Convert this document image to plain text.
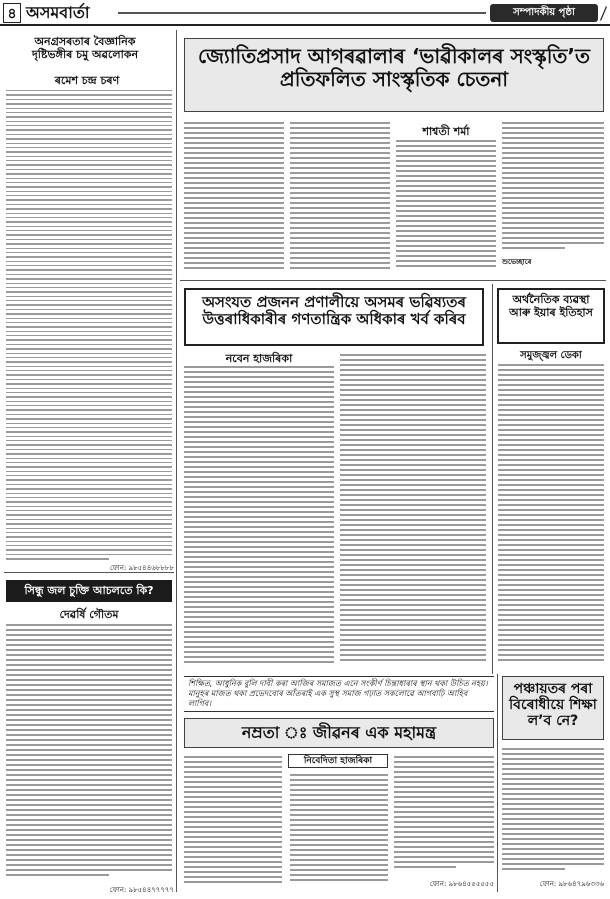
৪ অসমবাৰ্তা	সম্পাদকীয় পৃষ্ঠা
অনগ্ৰসৰতাৰ বৈজ্ঞানিক দৃষ্টিভঙ্গীৰ চমু অৱলোকন
ৰমেশ চন্দ্ৰ চৰণ
ফোন: ৯৮৫৪৪৬৮৮৮৮
জ্যোতিপ্ৰসাদ আগৰৱালাৰ ‘ভাৱীকালৰ সংস্কৃতি’ত প্ৰতিফলিত সাংস্কৃতিক চেতনা
শাশ্বতী শৰ্মা
শুভেচ্ছাৰে
অসংযত প্ৰজনন প্ৰণালীয়ে অসমৰ ভৱিষ্যতৰ উত্তৰাধিকাৰীৰ গণতান্ত্ৰিক অধিকাৰ খৰ্ব কৰিব
নবেন হাজৰিকা
অৰ্থনৈতিক ব্যৱস্থা আৰু ইয়াৰ ইতিহাস
সমুজ্জ্বল ডেকা
শিক্ষিত, আধুনিক বুলি দাবী কৰা আজিৰ সমাজত এনে সংকীৰ্ণ চিন্তাধাৰাৰ স্থান থকা উচিত নহয়। মানুহৰ মাজত থকা প্ৰভেদবোৰ আঁতৰাই এক সুস্থ সমাজ গঢ়াত সকলোৱে আগবাঢ়ি আহিব লাগিব।
সিন্ধু জল চুক্তি আচলতে কি?
দেৱৰ্ষি গৌতম
ফোন: ৯৮৫৪৪৭৭৭৭৭
নম্ৰতা ঃ জীৱনৰ এক মহামন্ত্ৰ
নিবেদিতা হাজৰিকা
ফোন: ৯৮৬৪৫৫৫৫৫৫
পঞ্চায়তৰ পৰা বিৰোধীয়ে শিক্ষা ল’ব নে?
ফোন: ৯৮৬৪৭৯৬৩৩৬
